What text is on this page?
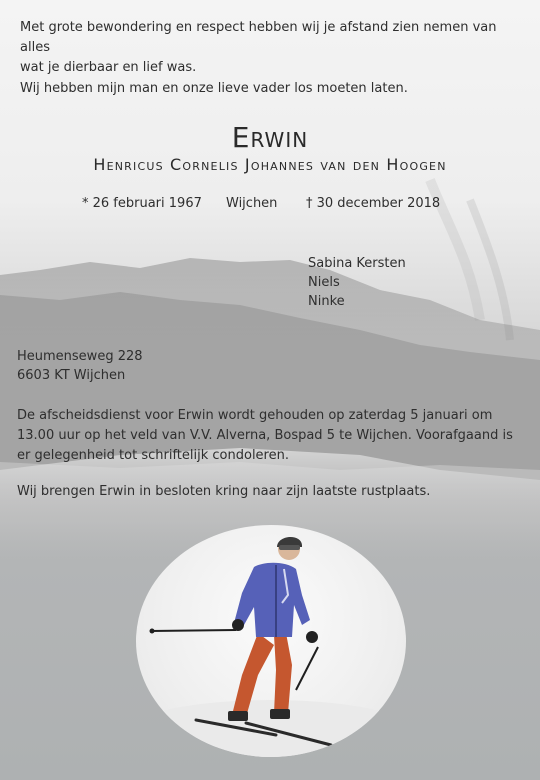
Met grote bewondering en respect hebben wij je afstand zien nemen van alles
wat je dierbaar en lief was.
Wij hebben mijn man en onze lieve vader los moeten laten.
Erwin
Henricus Cornelis Johannes van den Hoogen
* 26 februari 1967 Wijchen † 30 december 2018
Sabina Kersten
Niels
Ninke
Heumenseweg 228
6603 KT Wijchen
De afscheidsdienst voor Erwin wordt gehouden op zaterdag 5 januari om 13.00 uur op het veld van V.V. Alverna, Bospad 5 te Wijchen. Voorafgaand is er gelegenheid tot schriftelijk condoleren.
Wij brengen Erwin in besloten kring naar zijn laatste rustplaats.
